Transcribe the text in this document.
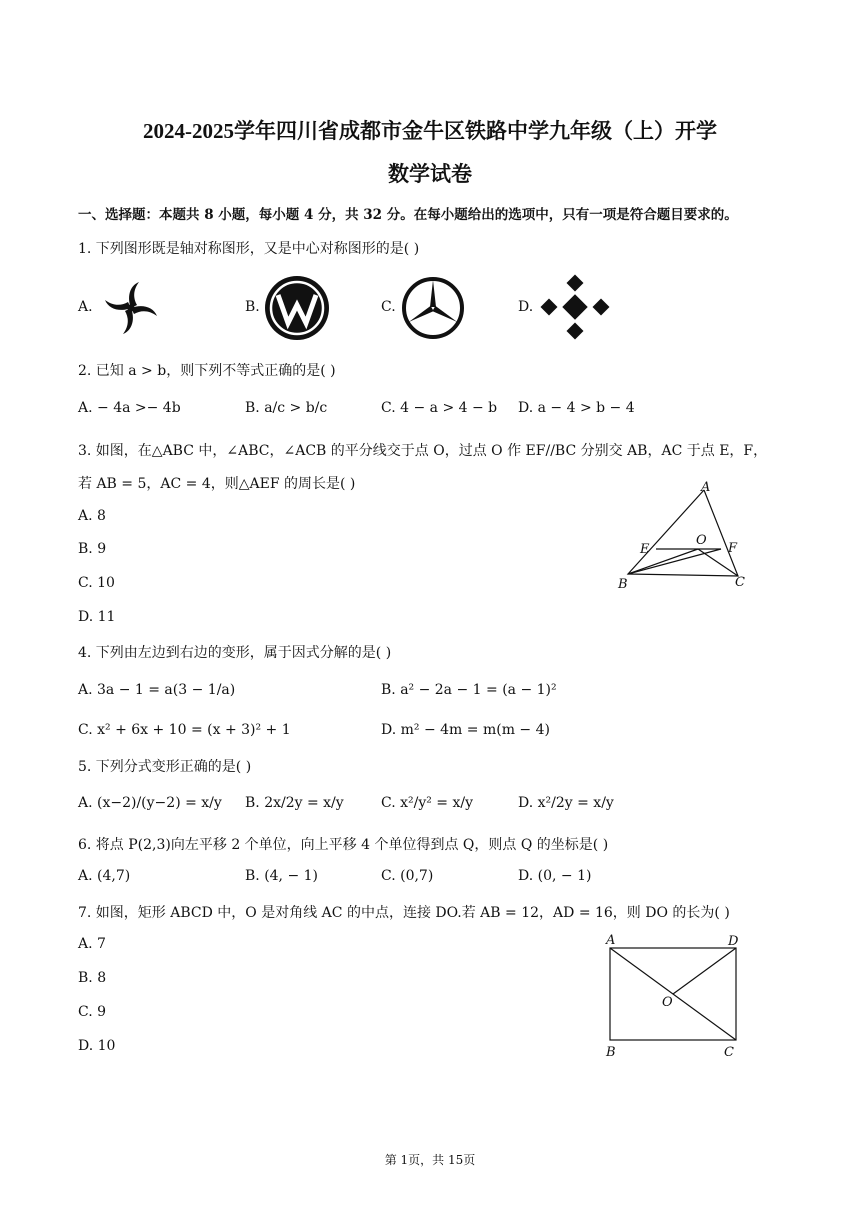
2024-2025学年四川省成都市金牛区铁路中学九年级（上）开学
数学试卷
一、选择题：本题共 8 小题，每小题 4 分，共 32 分。在每小题给出的选项中，只有一项是符合题目要求的。
1. 下列图形既是轴对称图形，又是中心对称图形的是( )
A.	B.	C.	D.
2. 已知 a > b，则下列不等式正确的是( )
A. − 4a >− 4b	B. a/c > b/c	C. 4 − a > 4 − b D. a − 4 > b − 4
3. 如图，在△ABC 中，∠ABC，∠ACB 的平分线交于点 O，过点 O 作 EF//BC 分别交 AB，AC 于点 E，F，
若 AB = 5，AC = 4，则△AEF 的周长是( )
A. 8
B. 9
C. 10
D. 11
A
E
O
F
B	C
4. 下列由左边到右边的变形，属于因式分解的是( )
A. 3a − 1 = a(3 − 1/a)	B. a² − 2a − 1 = (a − 1)²
C. x² + 6x + 10 = (x + 3)² + 1	D. m² − 4m = m(m − 4)
5. 下列分式变形正确的是( )
A. (x−2)/(y−2) = x/y B. 2x/2y = x/y	C. x²/y² = x/y	D. x²/2y = x/y
6. 将点 P(2,3)向左平移 2 个单位，向上平移 4 个单位得到点 Q，则点 Q 的坐标是( )
A. (4,7)	B. (4, − 1)	C. (0,7)	D. (0, − 1)
7. 如图，矩形 ABCD 中，O 是对角线 AC 的中点，连接 DO.若 AB = 12，AD = 16，则 DO 的长为( )
A. 7
B. 8
C. 9
D. 10
A	D
O
B	C
第 1页，共 15页
